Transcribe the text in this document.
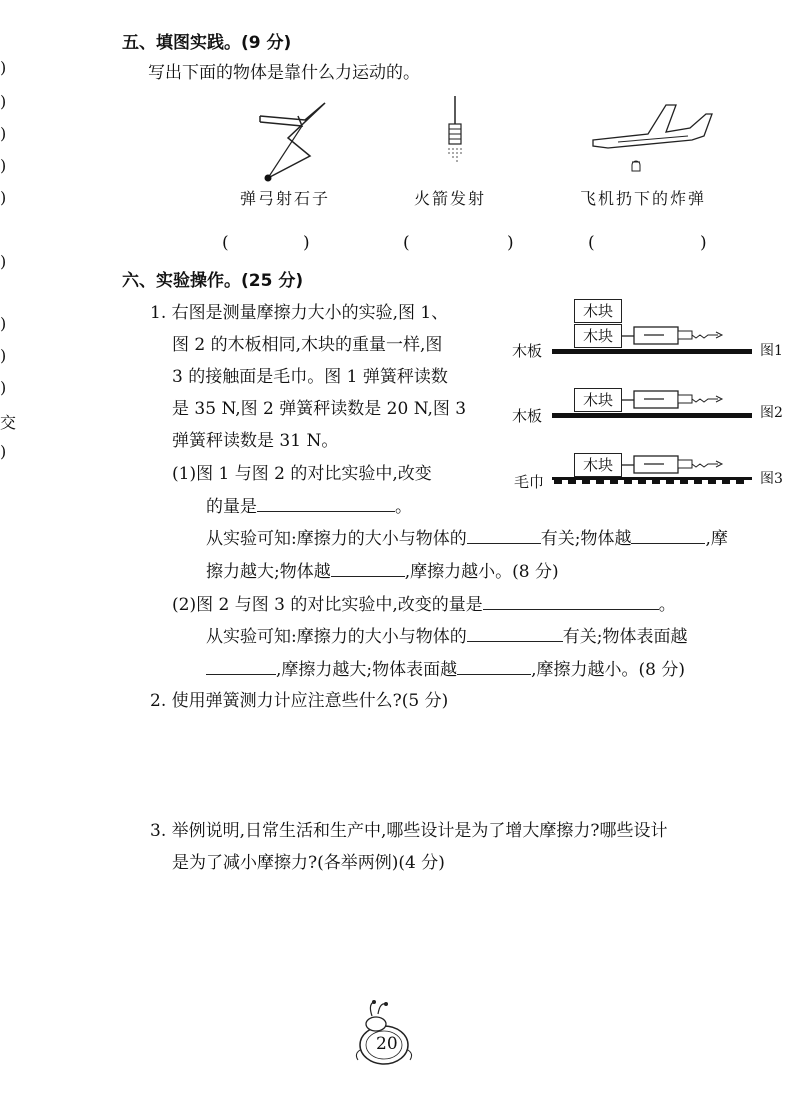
)
)
)
)
)
)
)
)
)
交
)
五、填图实践。(9 分)
写出下面的物体是靠什么力运动的。
弹弓射石子	火箭发射	飞机扔下的炸弹
(	)	(	)	(	)
六、实验操作。(25 分)
1. 右图是测量摩擦力大小的实验,图 1、
图 2 的木板相同,木块的重量一样,图
3 的接触面是毛巾。图 1 弹簧秤读数
是 35 N,图 2 弹簧秤读数是 20 N,图 3
弹簧秤读数是 31 N。
(1)图 1 与图 2 的对比实验中,改变
的量是	。
从实验可知:摩擦力的大小与物体的	有关;物体越	,摩
擦力越大;物体越	,摩擦力越小。(8 分)
(2)图 2 与图 3 的对比实验中,改变的量是	。
从实验可知:摩擦力的大小与物体的	有关;物体表面越
,摩擦力越大;物体表面越	,摩擦力越小。(8 分)
木板
木块
木块
图1
木板
木块
图2
毛巾
木块
图3
2. 使用弹簧测力计应注意些什么?(5 分)
3. 举例说明,日常生活和生产中,哪些设计是为了增大摩擦力?哪些设计
是为了减小摩擦力?(各举两例)(4 分)
20
